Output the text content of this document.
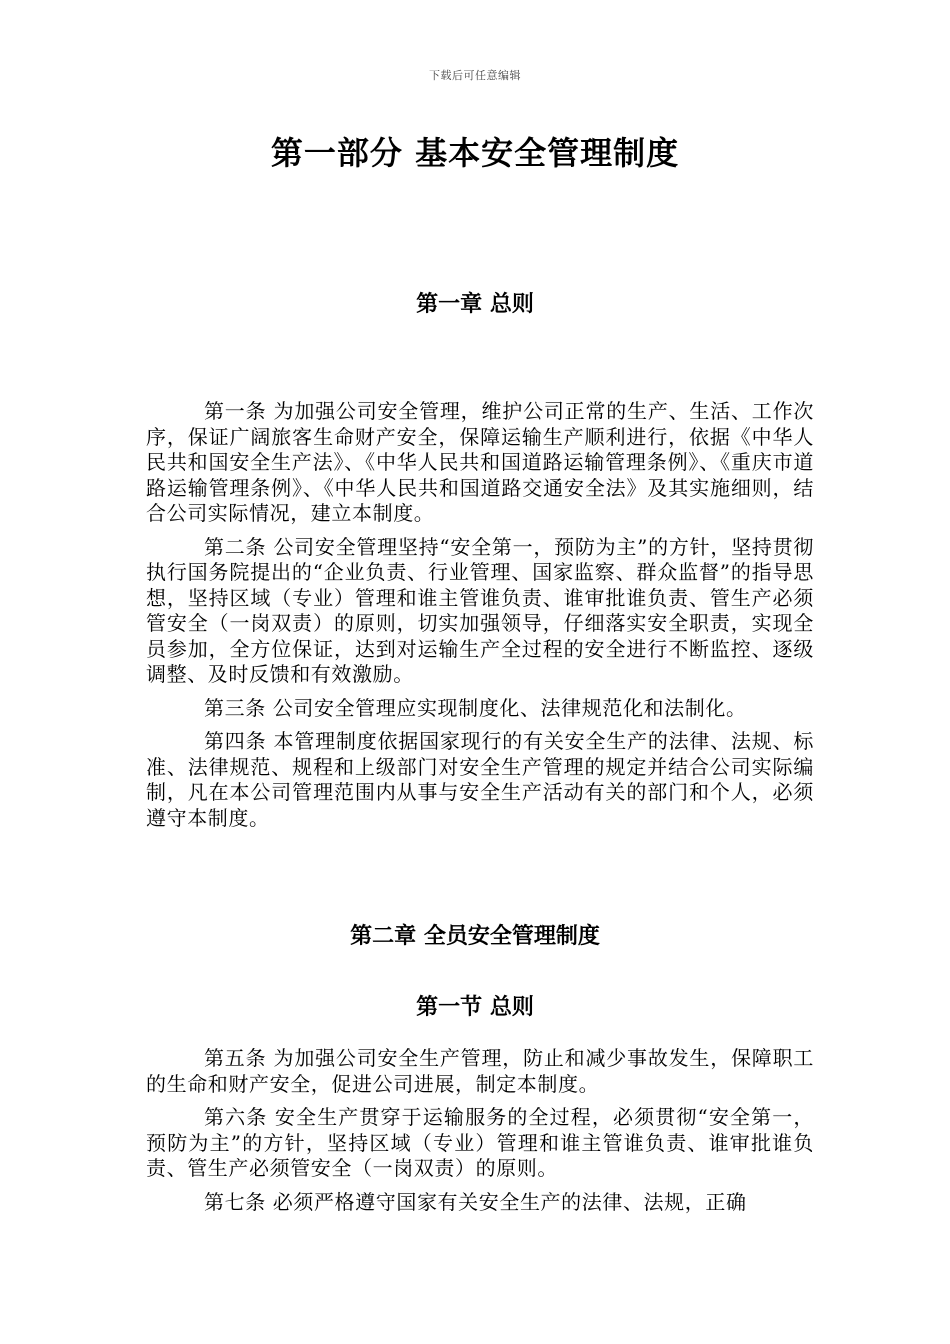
下载后可任意编辑
第一部分 基本安全管理制度
第一章 总则

第一条 为加强公司安全管理，维护公司正常的生产、生活、工作次序，保证广阔旅客生命财产安全，保障运输生产顺利进行，依据《中华人民共和国安全生产法》、《中华人民共和国道路运输管理条例》、《重庆市道路运输管理条例》、《中华人民共和国道路交通安全法》及其实施细则，结合公司实际情况，建立本制度。

第二条 公司安全管理坚持“安全第一，预防为主”的方针，坚持贯彻执行国务院提出的“企业负责、行业管理、国家监察、群众监督”的指导思想，坚持区域（专业）管理和谁主管谁负责、谁审批谁负责、管生产必须管安全（一岗双责）的原则，切实加强领导，仔细落实安全职责，实现全员参加，全方位保证，达到对运输生产全过程的安全进行不断监控、逐级调整、及时反馈和有效激励。

第三条 公司安全管理应实现制度化、法律规范化和法制化。

第四条 本管理制度依据国家现行的有关安全生产的法律、法规、标准、法律规范、规程和上级部门对安全生产管理的规定并结合公司实际编制，凡在本公司管理范围内从事与安全生产活动有关的部门和个人，必须遵守本制度。

第二章 全员安全管理制度
第一节 总则

第五条 为加强公司安全生产管理，防止和减少事故发生，保障职工的生命和财产安全，促进公司进展，制定本制度。

第六条 安全生产贯穿于运输服务的全过程，必须贯彻“安全第一，预防为主”的方针，坚持区域（专业）管理和谁主管谁负责、谁审批谁负责、管生产必须管安全（一岗双责）的原则。

第七条 必须严格遵守国家有关安全生产的法律、法规，正确
